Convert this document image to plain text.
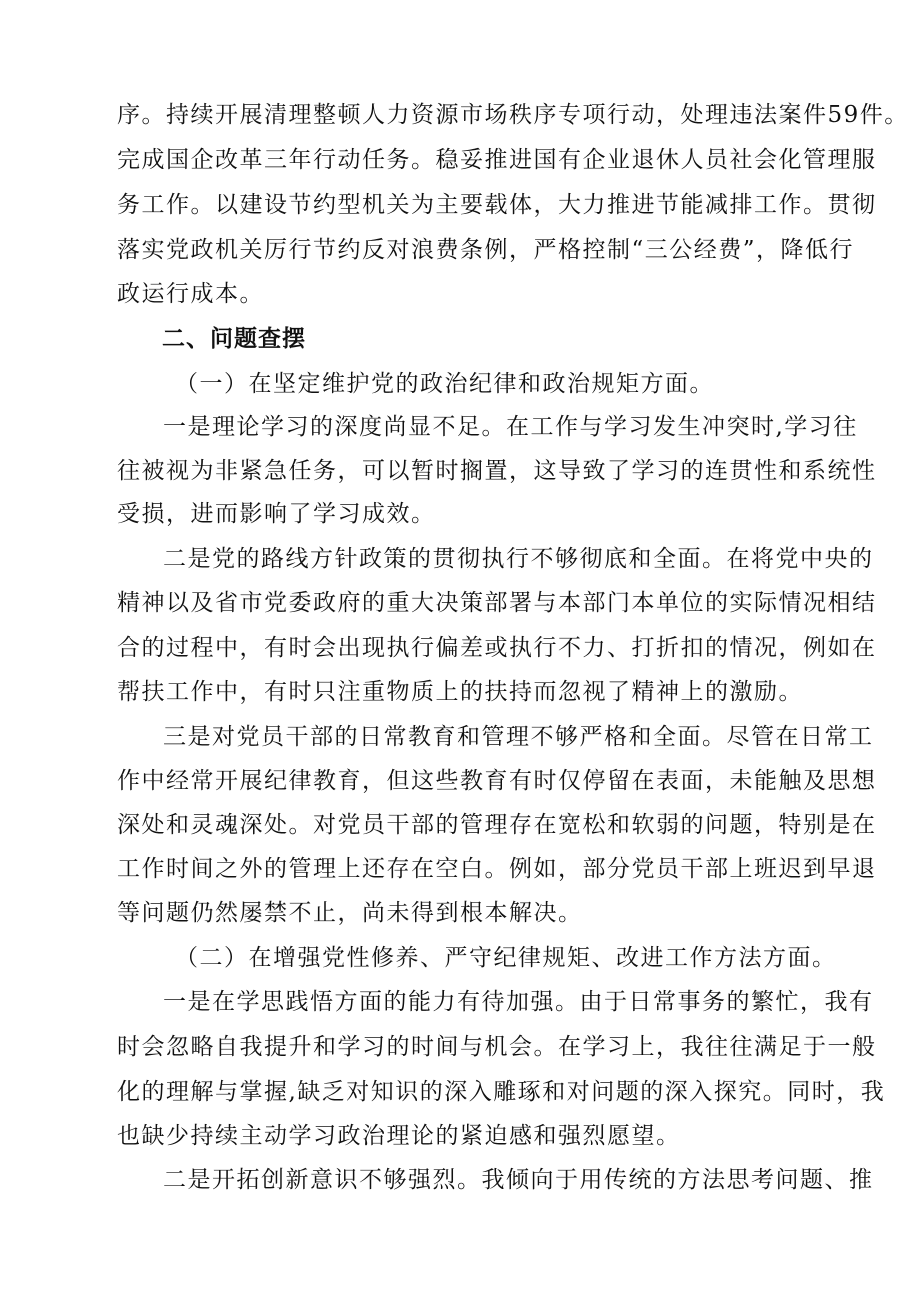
序。持续开展清理整顿人力资源市场秩序专项行动，处理违法案件59件。
完成国企改革三年行动任务。稳妥推进国有企业退休人员社会化管理服
务工作。以建设节约型机关为主要载体，大力推进节能减排工作。贯彻
落实党政机关厉行节约反对浪费条例，严格控制“三公经费”，降低行
政运行成本。
二、问题查摆
（一）在坚定维护党的政治纪律和政治规矩方面。
一是理论学习的深度尚显不足。在工作与学习发生冲突时,学习往
往被视为非紧急任务，可以暂时搁置，这导致了学习的连贯性和系统性
受损，进而影响了学习成效。
二是党的路线方针政策的贯彻执行不够彻底和全面。在将党中央的
精神以及省市党委政府的重大决策部署与本部门本单位的实际情况相结
合的过程中，有时会出现执行偏差或执行不力、打折扣的情况，例如在
帮扶工作中，有时只注重物质上的扶持而忽视了精神上的激励。
三是对党员干部的日常教育和管理不够严格和全面。尽管在日常工
作中经常开展纪律教育，但这些教育有时仅停留在表面，未能触及思想
深处和灵魂深处。对党员干部的管理存在宽松和软弱的问题，特别是在
工作时间之外的管理上还存在空白。例如，部分党员干部上班迟到早退
等问题仍然屡禁不止，尚未得到根本解决。
（二）在增强党性修养、严守纪律规矩、改进工作方法方面。
一是在学思践悟方面的能力有待加强。由于日常事务的繁忙，我有
时会忽略自我提升和学习的时间与机会。在学习上，我往往满足于一般
化的理解与掌握,缺乏对知识的深入雕琢和对问题的深入探究。同时，我
也缺少持续主动学习政治理论的紧迫感和强烈愿望。
二是开拓创新意识不够强烈。我倾向于用传统的方法思考问题、推
